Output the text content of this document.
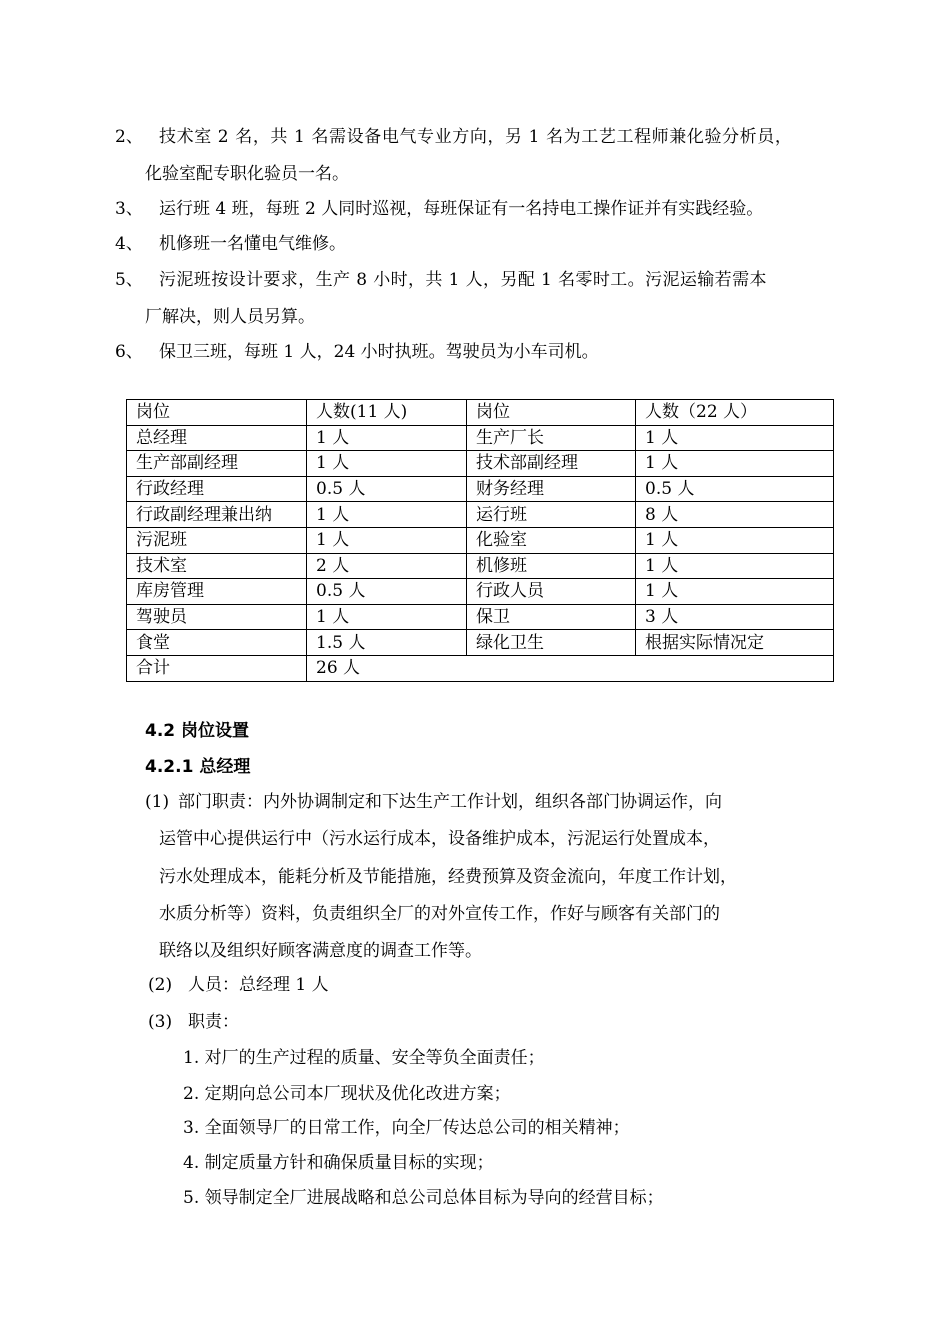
2、 技术室 2 名，共 1 名需设备电气专业方向，另 1 名为工艺工程师兼化验分析员，
化验室配专职化验员一名。
3、 运行班 4 班，每班 2 人同时巡视，每班保证有一名持电工操作证并有实践经验。
4、 机修班一名懂电气维修。
5、 污泥班按设计要求，生产 8 小时，共 1 人，另配 1 名零时工。污泥运输若需本
厂解决，则人员另算。
6、 保卫三班，每班 1 人，24 小时执班。驾驶员为小车司机。
岗位	人数(11 人)	岗位	人数（22 人）
总经理	1 人	生产厂长	1 人
生产部副经理	1 人	技术部副经理	1 人
行政经理	0.5 人	财务经理	0.5 人
行政副经理兼出纳	1 人	运行班	8 人
污泥班	1 人	化验室	1 人
技术室	2 人	机修班	1 人
库房管理	0.5 人	行政人员	1 人
驾驶员	1 人	保卫	3 人
食堂	1.5 人	绿化卫生	根据实际情况定
合计	26 人		
4.2 岗位设置
4.2.1 总经理
(1) 部门职责：内外协调制定和下达生产工作计划，组织各部门协调运作，向
运管中心提供运行中（污水运行成本，设备维护成本，污泥运行处置成本，
污水处理成本，能耗分析及节能措施，经费预算及资金流向，年度工作计划，
水质分析等）资料，负责组织全厂的对外宣传工作，作好与顾客有关部门的
联络以及组织好顾客满意度的调查工作等。
(2) 人员：总经理 1 人
(3) 职责：
1. 对厂的生产过程的质量、安全等负全面责任；
2. 定期向总公司本厂现状及优化改进方案；
3. 全面领导厂的日常工作，向全厂传达总公司的相关精神；
4. 制定质量方针和确保质量目标的实现；
5. 领导制定全厂进展战略和总公司总体目标为导向的经营目标；
